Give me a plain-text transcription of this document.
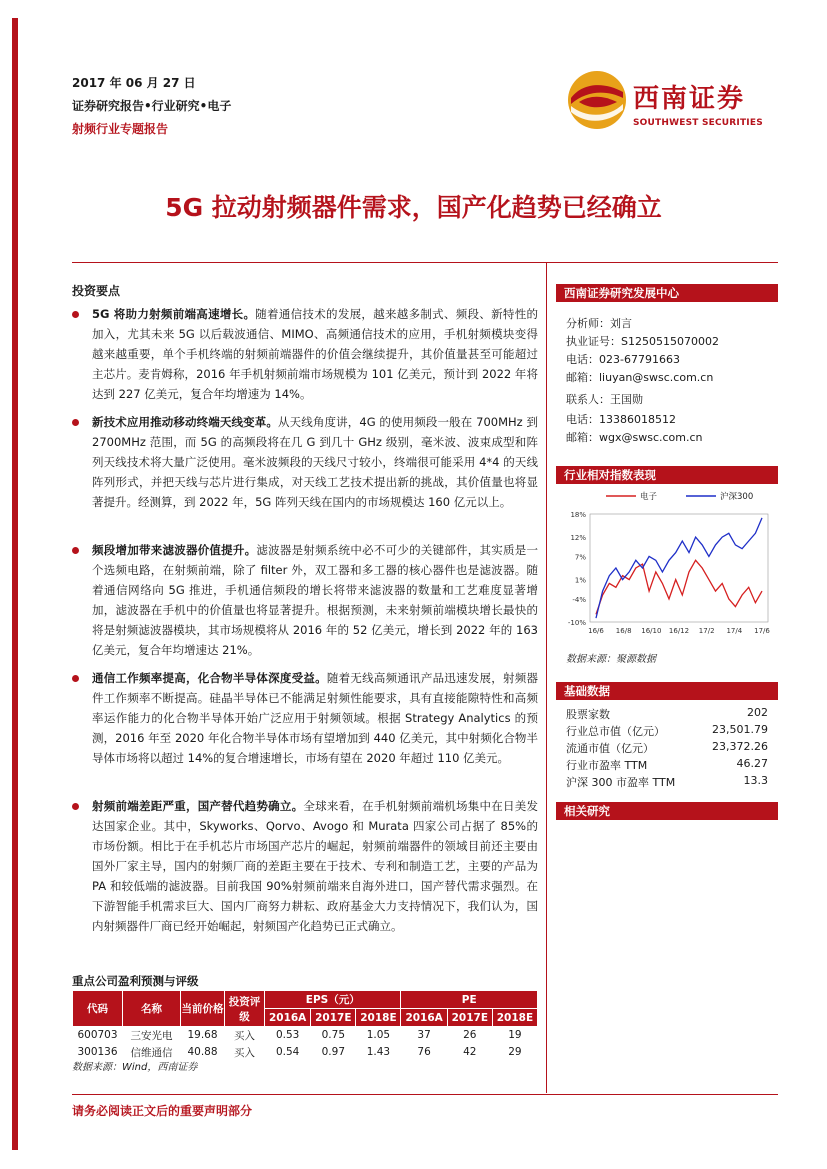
2017 年 06 月 27 日
证券研究报告•行业研究•电子
射频行业专题报告
西南证券
SOUTHWEST SECURITIES
5G 拉动射频器件需求，国产化趋势已经确立
投资要点
5G 将助力射频前端高速增长。随着通信技术的发展，越来越多制式、频段、新特性的加入，尤其未来 5G 以后载波通信、MIMO、高频通信技术的应用，手机射频模块变得越来越重要，单个手机终端的射频前端器件的价值会继续提升，其价值量甚至可能超过主芯片。麦肯姆称，2016 年手机射频前端市场规模为 101 亿美元，预计到 2022 年将达到 227 亿美元，复合年均增速为 14%。
新技术应用推动移动终端天线变革。从天线角度讲，4G 的使用频段一般在 700MHz 到 2700MHz 范围，而 5G 的高频段将在几 G 到几十 GHz 级别，毫米波、波束成型和阵列天线技术将大量广泛使用。毫米波频段的天线尺寸较小，终端很可能采用 4*4 的天线阵列形式，并把天线与芯片进行集成，对天线工艺技术提出新的挑战，其价值量也将显著提升。经测算，到 2022 年，5G 阵列天线在国内的市场规模达 160 亿元以上。
频段增加带来滤波器价值提升。滤波器是射频系统中必不可少的关键部件，其实质是一个选频电路，在射频前端，除了 filter 外，双工器和多工器的核心器件也是滤波器。随着通信网络向 5G 推进，手机通信频段的增长将带来滤波器的数量和工艺难度显著增加，滤波器在手机中的价值量也将显著提升。根据预测，未来射频前端模块增长最快的将是射频滤波器模块，其市场规模将从 2016 年的 52 亿美元，增长到 2022 年的 163 亿美元，复合年均增速达 21%。
通信工作频率提高，化合物半导体深度受益。随着无线高频通讯产品迅速发展，射频器件工作频率不断提高。硅晶半导体已不能满足射频性能要求，具有直接能隙特性和高频率运作能力的化合物半导体开始广泛应用于射频领域。根据 Strategy Analytics 的预测，2016 年至 2020 年化合物半导体市场有望增加到 440 亿美元，其中射频化合物半导体市场将以超过 14%的复合增速增长，市场有望在 2020 年超过 110 亿美元。
射频前端差距严重，国产替代趋势确立。全球来看，在手机射频前端机场集中在日美发达国家企业。其中，Skyworks、Qorvo、Avogo 和 Murata 四家公司占据了 85%的市场份额。相比于在手机芯片市场国产芯片的崛起，射频前端器件的领域目前还主要由国外厂家主导，国内的射频厂商的差距主要在于技术、专利和制造工艺，主要的产品为 PA 和较低端的滤波器。目前我国 90%射频前端来自海外进口，国产替代需求强烈。在下游智能手机需求巨大、国内厂商努力耕耘、政府基金大力支持情况下，我们认为，国内射频器件厂商已经开始崛起，射频国产化趋势已正式确立。
西南证券研究发展中心
分析师：刘言
执业证号：S1250515070002
电话：023-67791663
邮箱：liuyan@swsc.com.cn
联系人：王国勋
电话：13386018512
邮箱：wgx@swsc.com.cn
行业相对指数表现
电子	沪深300
18%
12%
7%
1%
-4%
-10%
16/6 16/8 16/10 16/12 17/2 17/4 17/6
数据来源：聚源数据
基础数据
股票家数	202
行业总市值（亿元）	23,501.79
流通市值（亿元）	23,372.26
行业市盈率 TTM	46.27
沪深 300 市盈率 TTM	13.3
相关研究
重点公司盈利预测与评级
代码	名称	当前价格	投资评级	EPS（元）			PE		
				2016A	2017E	2018E	2016A	2017E	2018E
600703	三安光电	19.68	买入	0.53	0.75	1.05	37	26	19
300136	信维通信	40.88	买入	0.54	0.97	1.43	76	42	29
数据来源：Wind，西南证券
请务必阅读正文后的重要声明部分
